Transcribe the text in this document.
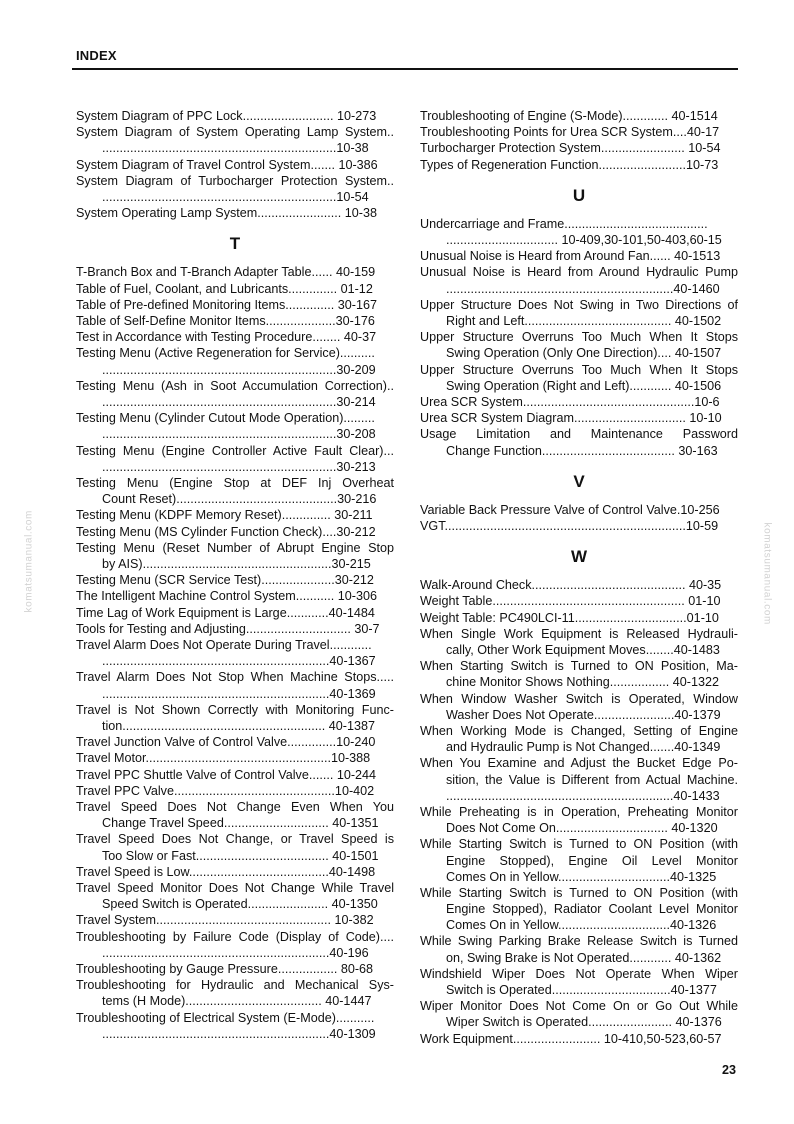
INDEX
System Diagram of PPC Lock.......................... 10-273
System Diagram of System Operating Lamp System..
...................................................................10-38
System Diagram of Travel Control System....... 10-386
System Diagram of Turbocharger Protection System..
...................................................................10-54
System Operating Lamp System........................ 10-38
T
T-Branch Box and T-Branch Adapter Table...... 40-159
Table of Fuel, Coolant, and Lubricants.............. 01-12
Table of Pre-defined Monitoring Items.............. 30-167
Table of Self-Define Monitor Items....................30-176
Test in Accordance with Testing Procedure........ 40-37
Testing Menu (Active Regeneration for Service)..........
...................................................................30-209
Testing Menu (Ash in Soot Accumulation Correction)..
...................................................................30-214
Testing Menu (Cylinder Cutout Mode Operation).........
...................................................................30-208
Testing Menu (Engine Controller Active Fault Clear)...
...................................................................30-213
Testing Menu (Engine Stop at DEF Inj Overheat
Count Reset)..............................................30-216
Testing Menu (KDPF Memory Reset).............. 30-211
Testing Menu (MS Cylinder Function Check)....30-212
Testing Menu (Reset Number of Abrupt Engine Stop
by AIS)......................................................30-215
Testing Menu (SCR Service Test).....................30-212
The Intelligent Machine Control System........... 10-306
Time Lag of Work Equipment is Large............40-1484
Tools for Testing and Adjusting.............................. 30-7
Travel Alarm Does Not Operate During Travel............
.................................................................40-1367
Travel Alarm Does Not Stop When Machine Stops.....
.................................................................40-1369
Travel is Not Shown Correctly with Monitoring Func-
tion.......................................................... 40-1387
Travel Junction Valve of Control Valve..............10-240
Travel Motor.....................................................10-388
Travel PPC Shuttle Valve of Control Valve....... 10-244
Travel PPC Valve..............................................10-402
Travel Speed Does Not Change Even When You
Change Travel Speed.............................. 40-1351
Travel Speed Does Not Change, or Travel Speed is
Too Slow or Fast...................................... 40-1501
Travel Speed is Low........................................40-1498
Travel Speed Monitor Does Not Change While Travel
Speed Switch is Operated....................... 40-1350
Travel System.................................................. 10-382
Troubleshooting by Failure Code (Display of Code)....
.................................................................40-196
Troubleshooting by Gauge Pressure................. 80-68
Troubleshooting for Hydraulic and Mechanical Sys-
tems (H Mode)....................................... 40-1447
Troubleshooting of Electrical System (E-Mode)...........
.................................................................40-1309
Troubleshooting of Engine (S-Mode)............. 40-1514
Troubleshooting Points for Urea SCR System....40-17
Turbocharger Protection System........................ 10-54
Types of Regeneration Function.........................10-73
U
Undercarriage and Frame.........................................
................................ 10-409,30-101,50-403,60-15
Unusual Noise is Heard from Around Fan...... 40-1513
Unusual Noise is Heard from Around Hydraulic Pump
.................................................................40-1460
Upper Structure Does Not Swing in Two Directions of
Right and Left.......................................... 40-1502
Upper Structure Overruns Too Much When It Stops
Swing Operation (Only One Direction).... 40-1507
Upper Structure Overruns Too Much When It Stops
Swing Operation (Right and Left)............ 40-1506
Urea SCR System.................................................10-6
Urea SCR System Diagram................................ 10-10
Usage Limitation and Maintenance Password
Change Function...................................... 30-163
V
Variable Back Pressure Valve of Control Valve.10-256
VGT.....................................................................10-59
W
Walk-Around Check............................................ 40-35
Weight Table....................................................... 01-10
Weight Table: PC490LCI-11................................01-10
When Single Work Equipment is Released Hydrauli-
cally, Other Work Equipment Moves........40-1483
When Starting Switch is Turned to ON Position, Ma-
chine Monitor Shows Nothing................. 40-1322
When Window Washer Switch is Operated, Window
Washer Does Not Operate.......................40-1379
When Working Mode is Changed, Setting of Engine
and Hydraulic Pump is Not Changed.......40-1349
When You Examine and Adjust the Bucket Edge Po-
sition, the Value is Different from Actual Machine.
.................................................................40-1433
While Preheating is in Operation, Preheating Monitor
Does Not Come On................................ 40-1320
While Starting Switch is Turned to ON Position (with
Engine Stopped), Engine Oil Level Monitor
Comes On in Yellow................................40-1325
While Starting Switch is Turned to ON Position (with
Engine Stopped), Radiator Coolant Level Monitor
Comes On in Yellow................................40-1326
While Swing Parking Brake Release Switch is Turned
on, Swing Brake is Not Operated............ 40-1362
Windshield Wiper Does Not Operate When Wiper
Switch is Operated..................................40-1377
Wiper Monitor Does Not Come On or Go Out While
Wiper Switch is Operated........................ 40-1376
Work Equipment......................... 10-410,50-523,60-57
komatsumanual.com	komatsumanual.com
23
